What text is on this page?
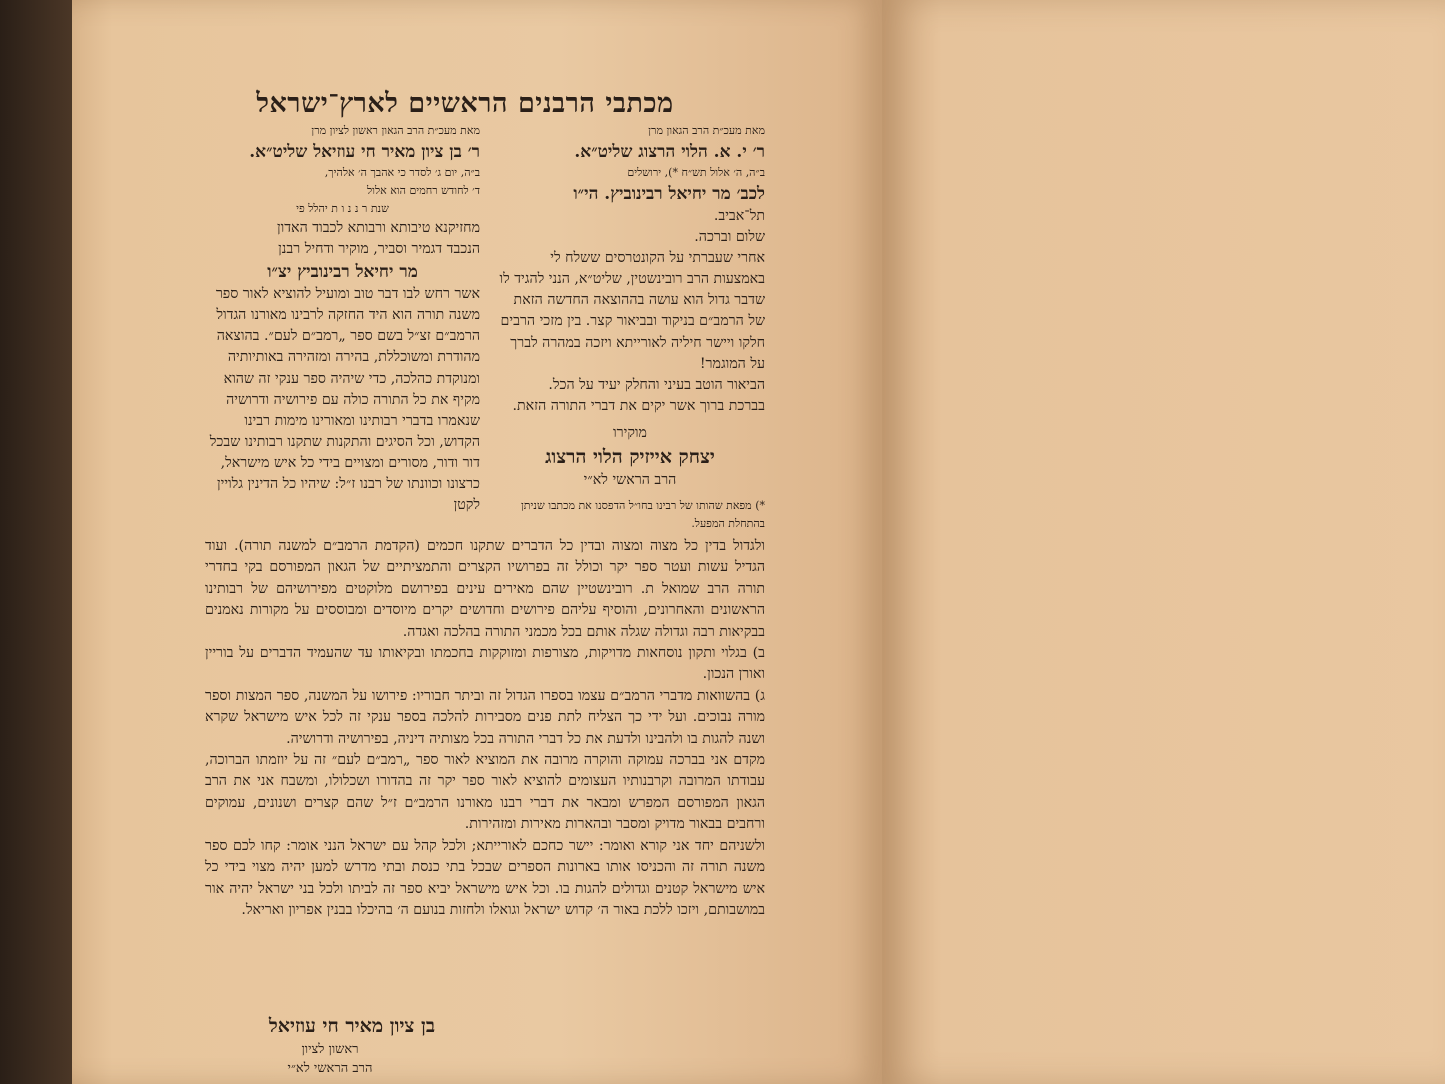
מכתבי הרבנים הראשיים לארץ־ישראל

מאת מעכ״ת הרב הגאון מרן

ר׳ י. א. הלוי הרצוג שליט״א.

ב״ה, ה׳ אלול תש״ח *), ירושלים

לכב׳ מר יחיאל רבינוביץ. הי״ו

תל־אביב.

שלום וברכה.

אחרי שעברתי על הקונטרסים ששלח לי באמצעות הרב רובינשטין, שליט״א, הנני להגיד לו שדבר גדול הוא עושה בההוצאה החדשה הזאת של הרמב״ם בניקוד ובביאור קצר. בין מזכי הרבים חלקו ויישר חיליה לאורייתא ויזכה במהרה לברך על המוגמר!

הביאור הוטב בעיני והחלק יעיד על הכל.

בברכת ברוך אשר יקים את דברי התורה הזאת.

מוקירו

יצחק אייזיק הלוי הרצוג

הרב הראשי לא״י

*) מפאת שהותו של רבינו בחו״ל הדפסנו את מכתבו שניתן בהתחלת המפעל.

מאת מעכ״ת הרב הגאון ראשון לציון מרן

ר׳ בן ציון מאיר חי עוזיאל שליט״א.

ב״ה, יום ג׳ לסדר כי אהבך ה׳ אלהיך,

ד׳ לחודש רחמים הוא אלול

שנת ר נ נ ו ת יהלל פי

מחזיקנא טיבותא ורבותא לכבוד האדון

הנכבד דגמיר וסביר, מוקיר ודחיל רבנן

מר יחיאל רבינוביץ יצ״ו

אשר רחש לבו דבר טוב ומועיל להוציא לאור ספר משנה תורה הוא היד החזקה לרבינו מאורנו הגדול הרמב״ם זצ״ל בשם ספר „רמב״ם לעם״. בהוצאה מהודרת ומשוכללת, בהירה ומזהירה באותיותיה ומנוקדת כהלכה, כדי שיהיה ספר ענקי זה שהוא מקיף את כל התורה כולה עם פירושיה ודרושיה שנאמרו בדברי רבותינו ומאורינו מימות רבינו הקדוש, וכל הסיגים והתקנות שתקנו רבותינו שבכל דור ודור, מסורים ומצויים בידי כל איש מישראל, כרצונו וכוונתו של רבנו ז״ל: שיהיו כל הדינין גלויין לקטן

ולגדול בדין כל מצוה ומצוה ובדין כל הדברים שתקנו חכמים (הקדמת הרמב״ם למשנה תורה). ועוד הגדיל עשות ועטר ספר יקר וכולל זה בפרושיו הקצרים והתמציתיים של הגאון המפורסם בקי בחדרי תורה הרב שמואל ת. רובינשטיין שהם מאירים עינים בפירושם מלוקטים מפירושיהם של רבותינו הראשונים והאחרונים, והוסיף עליהם פירושים וחדושים יקרים מיוסדים ומבוססים על מקורות נאמנים בבקיאות רבה וגדולה שגלה אותם בכל מכמני התורה בהלכה ואגדה.

ב) בגלוי ותקון נוסחאות מדויקות, מצורפות ומזוקקות בחכמתו ובקיאותו עד שהעמיד הדברים על בוריין ואורן הנכון.

ג) בהשוואות מדברי הרמב״ם עצמו בספרו הגדול זה וביתר חבוריו: פירושו על המשנה, ספר המצות וספר מורה נבוכים. ועל ידי כך הצליח לתת פנים מסבירות להלכה בספר ענקי זה לכל איש מישראל שקרא ושנה להגות בו ולהבינו ולדעת את כל דברי התורה בכל מצותיה דיניה, בפירושיה ודרושיה.

מקדם אני בברכה עמוקה והוקרה מרובה את המוציא לאור ספר „רמב״ם לעם״ זה על יוזמתו הברוכה, עבודתו המרובה וקרבנותיו העצומים להוציא לאור ספר יקר זה בהדורו ושכלולו, ומשבח אני את הרב הגאון המפורסם המפרש ומבאר את דברי רבנו מאורנו הרמב״ם ז״ל שהם קצרים ושנונים, עמוקים ורחבים בבאור מדויק ומסבר ובהארות מאירות ומזהירות.

ולשניהם יחד אני קורא ואומר: יישר כחכם לאורייתא; ולכל קהל עם ישראל הנני אומר: קחו לכם ספר משנה תורה זה והכניסו אותו בארונות הספרים שבכל בתי כנסת ובתי מדרש למען יהיה מצוי בידי כל איש מישראל קטנים וגדולים להגות בו. וכל איש מישראל יביא ספר זה לביתו ולכל בני ישראל יהיה אור במושבותם, ויזכו ללכת באור ה׳ קדוש ישראל וגואלו ולחזות בנועם ה׳ בהיכלו בבנין אפריון ואריאל.

בן ציון מאיר חי עוזיאל

ראשון לציון

הרב הראשי לא״י
